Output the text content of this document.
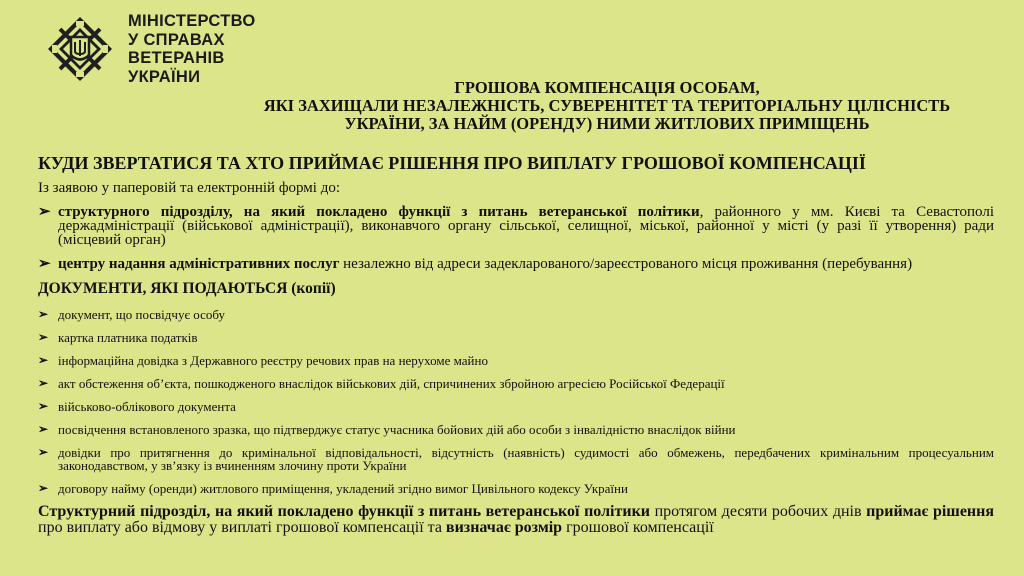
МІНІСТЕРСТВО
У СПРАВАХ
ВЕТЕРАНІВ
УКРАЇНИ
ГРОШОВА КОМПЕНСАЦІЯ ОСОБАМ,
ЯКІ ЗАХИЩАЛИ НЕЗАЛЕЖНІСТЬ, СУВЕРЕНІТЕТ ТА ТЕРИТОРІАЛЬНУ ЦІЛІСНІСТЬ
УКРАЇНИ, ЗА НАЙМ (ОРЕНДУ) НИМИ ЖИТЛОВИХ ПРИМІЩЕНЬ
КУДИ ЗВЕРТАТИСЯ ТА ХТО ПРИЙМАЄ РІШЕННЯ ПРО ВИПЛАТУ ГРОШОВОЇ КОМПЕНСАЦІЇ
Із заявою у паперовій та електронній формі до:
➢ структурного підрозділу, на який покладено функції з питань ветеранської політики, районного у мм. Києві та Севастополі держадміністрації (військової адміністрації), виконавчого органу сільської, селищної, міської, районної у місті (у разі її утворення) ради (місцевий орган)
➢ центру надання адміністративних послуг незалежно від адреси задекларованого/зареєстрованого місця проживання (перебування)
ДОКУМЕНТИ, ЯКІ ПОДАЮТЬСЯ (копії)
➢ документ, що посвідчує особу
➢ картка платника податків
➢ інформаційна довідка з Державного реєстру речових прав на нерухоме майно
➢ акт обстеження об’єкта, пошкодженого внаслідок військових дій, спричинених збройною агресією Російської Федерації
➢ військово-облікового документа
➢ посвідчення встановленого зразка, що підтверджує статус учасника бойових дій або особи з інвалідністю внаслідок війни
➢ довідки про притягнення до кримінальної відповідальності, відсутність (наявність) судимості або обмежень, передбачених кримінальним процесуальним законодавством, у зв’язку із вчиненням злочину проти України
➢ договору найму (оренди) житлового приміщення, укладений згідно вимог Цивільного кодексу України
Структурний підрозділ, на який покладено функції з питань ветеранської політики протягом десяти робочих днів приймає рішення про виплату або відмову у виплаті грошової компенсації та визначає розмір грошової компенсації
